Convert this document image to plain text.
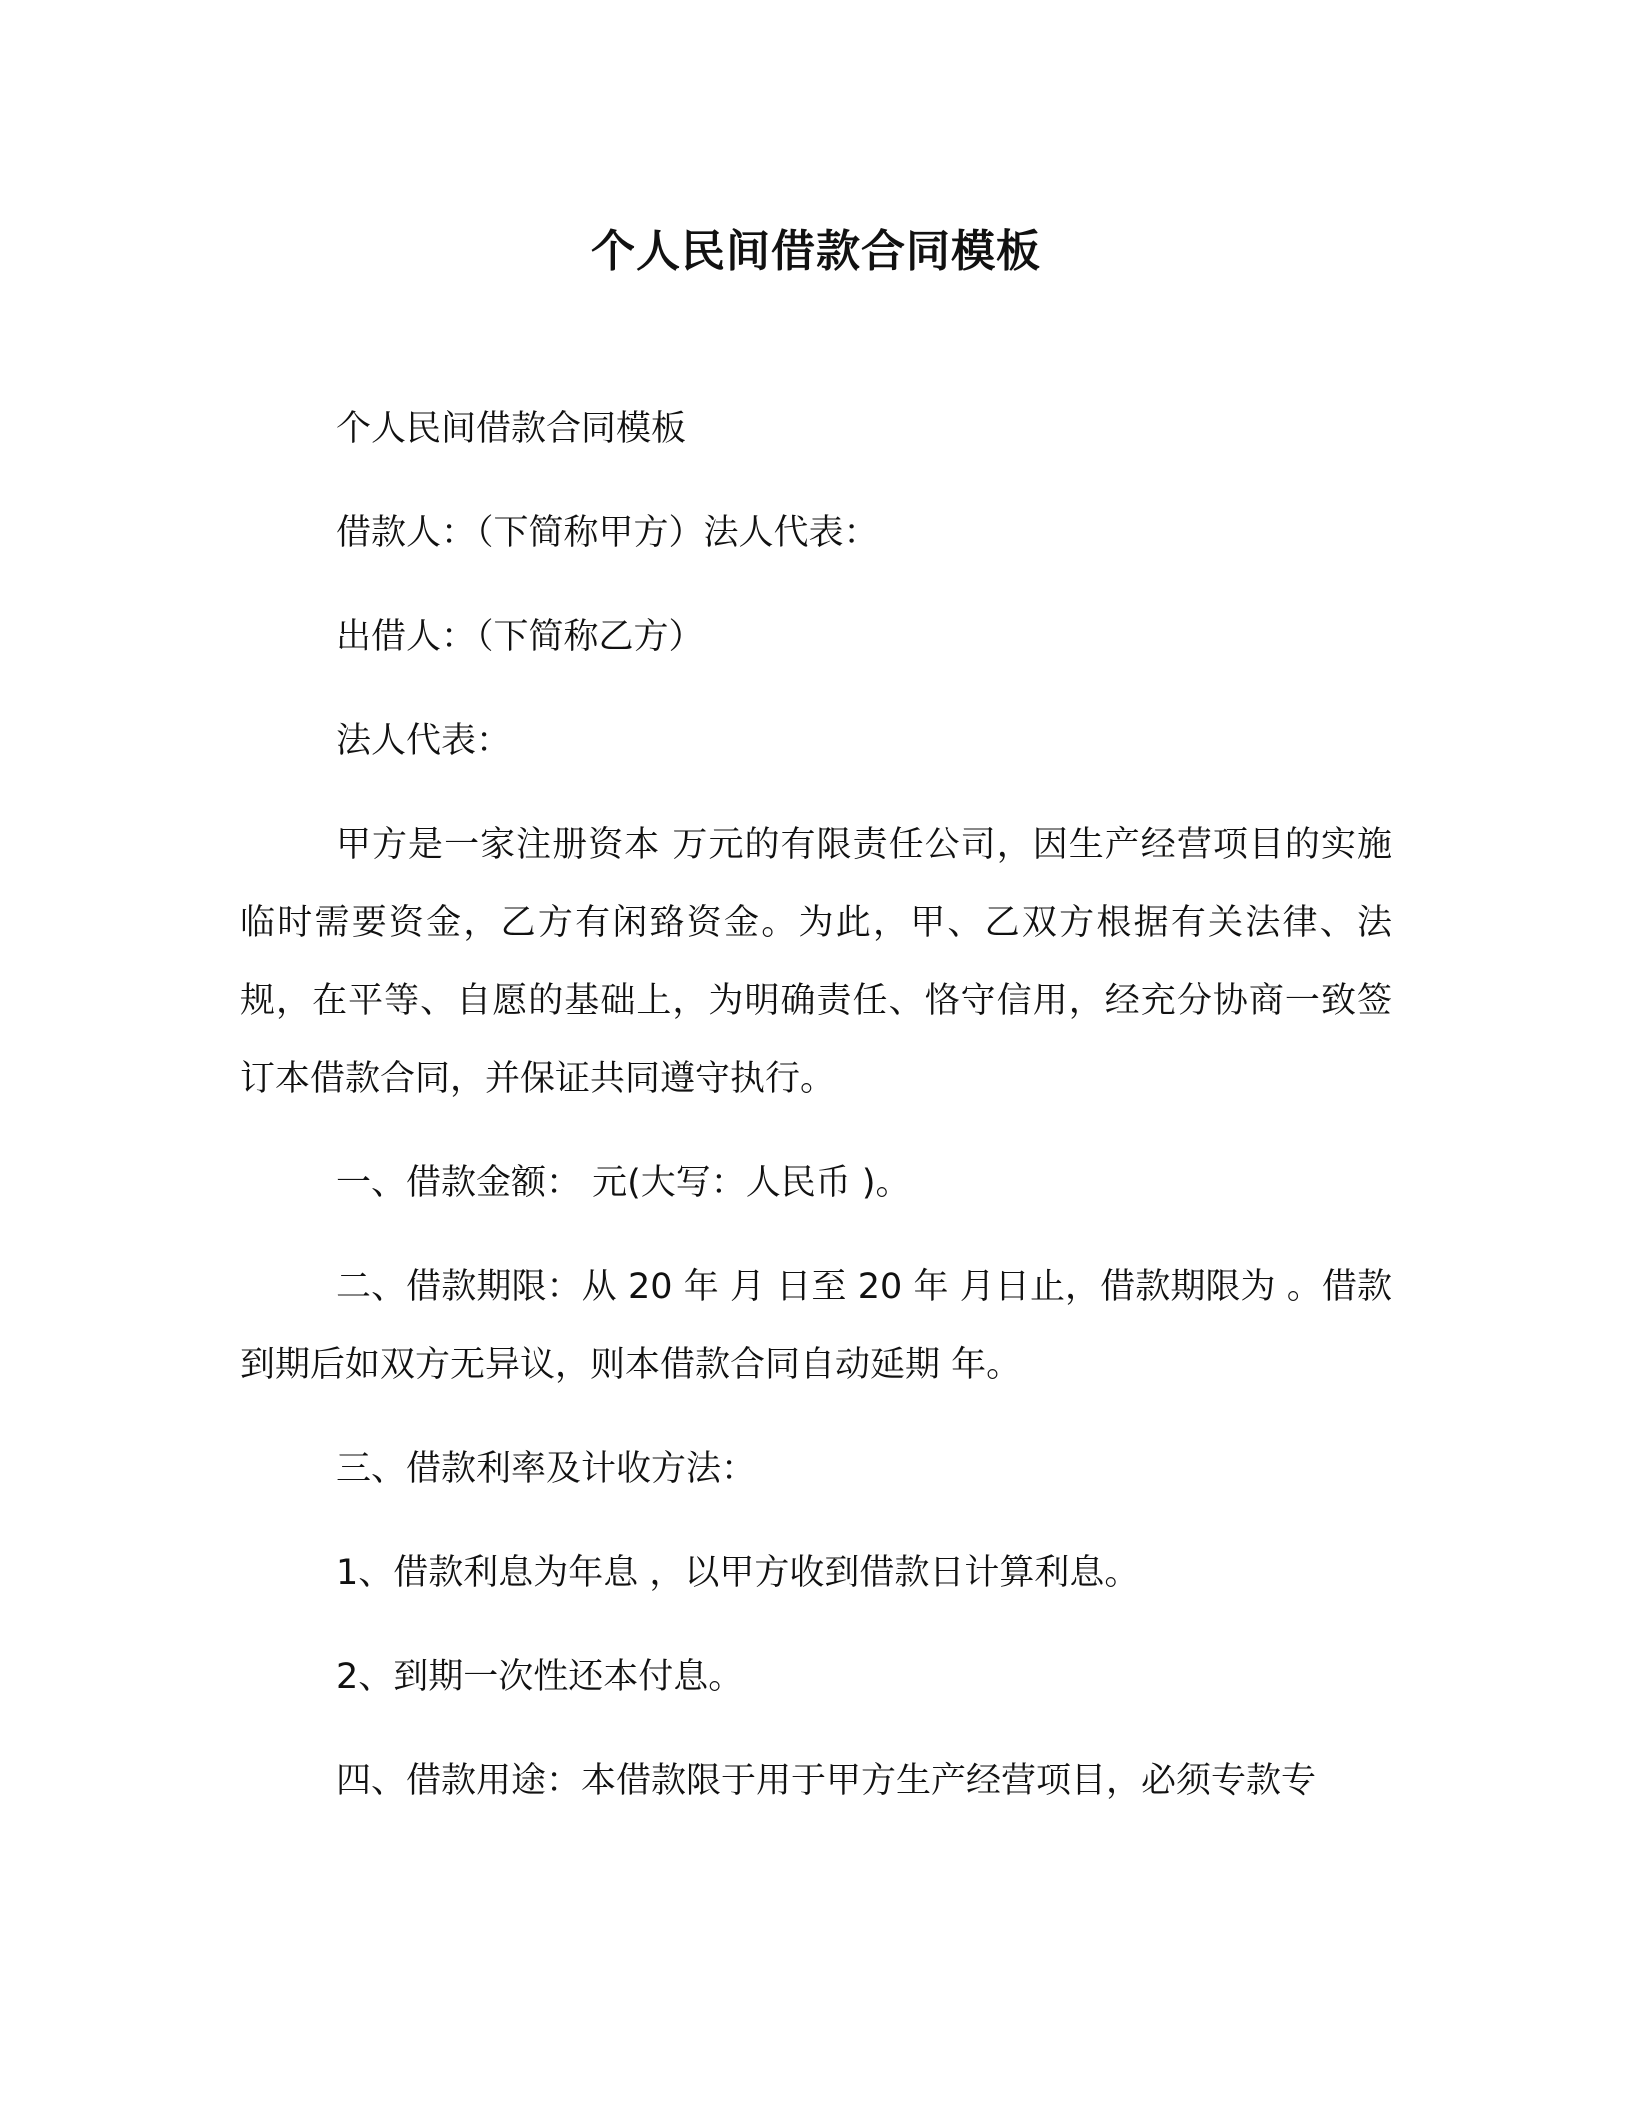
个人民间借款合同模板

个人民间借款合同模板

借款人：（下简称甲方）法人代表：

出借人：（下简称乙方）

法人代表：

甲方是一家注册资本 万元的有限责任公司，因生产经营项目的实施临时需要资金，乙方有闲臵资金。为此，甲、乙双方根据有关法律、法规，在平等、自愿的基础上，为明确责任、恪守信用，经充分协商一致签订本借款合同，并保证共同遵守执行。

一、借款金额： 元(大写：人民币 )。

二、借款期限：从 20 年 月 日至 20 年 月日止，借款期限为 。借款到期后如双方无异议，则本借款合同自动延期 年。

三、借款利率及计收方法：

1、借款利息为年息 ，以甲方收到借款日计算利息。

2、到期一次性还本付息。

四、借款用途：本借款限于用于甲方生产经营项目，必须专款专
